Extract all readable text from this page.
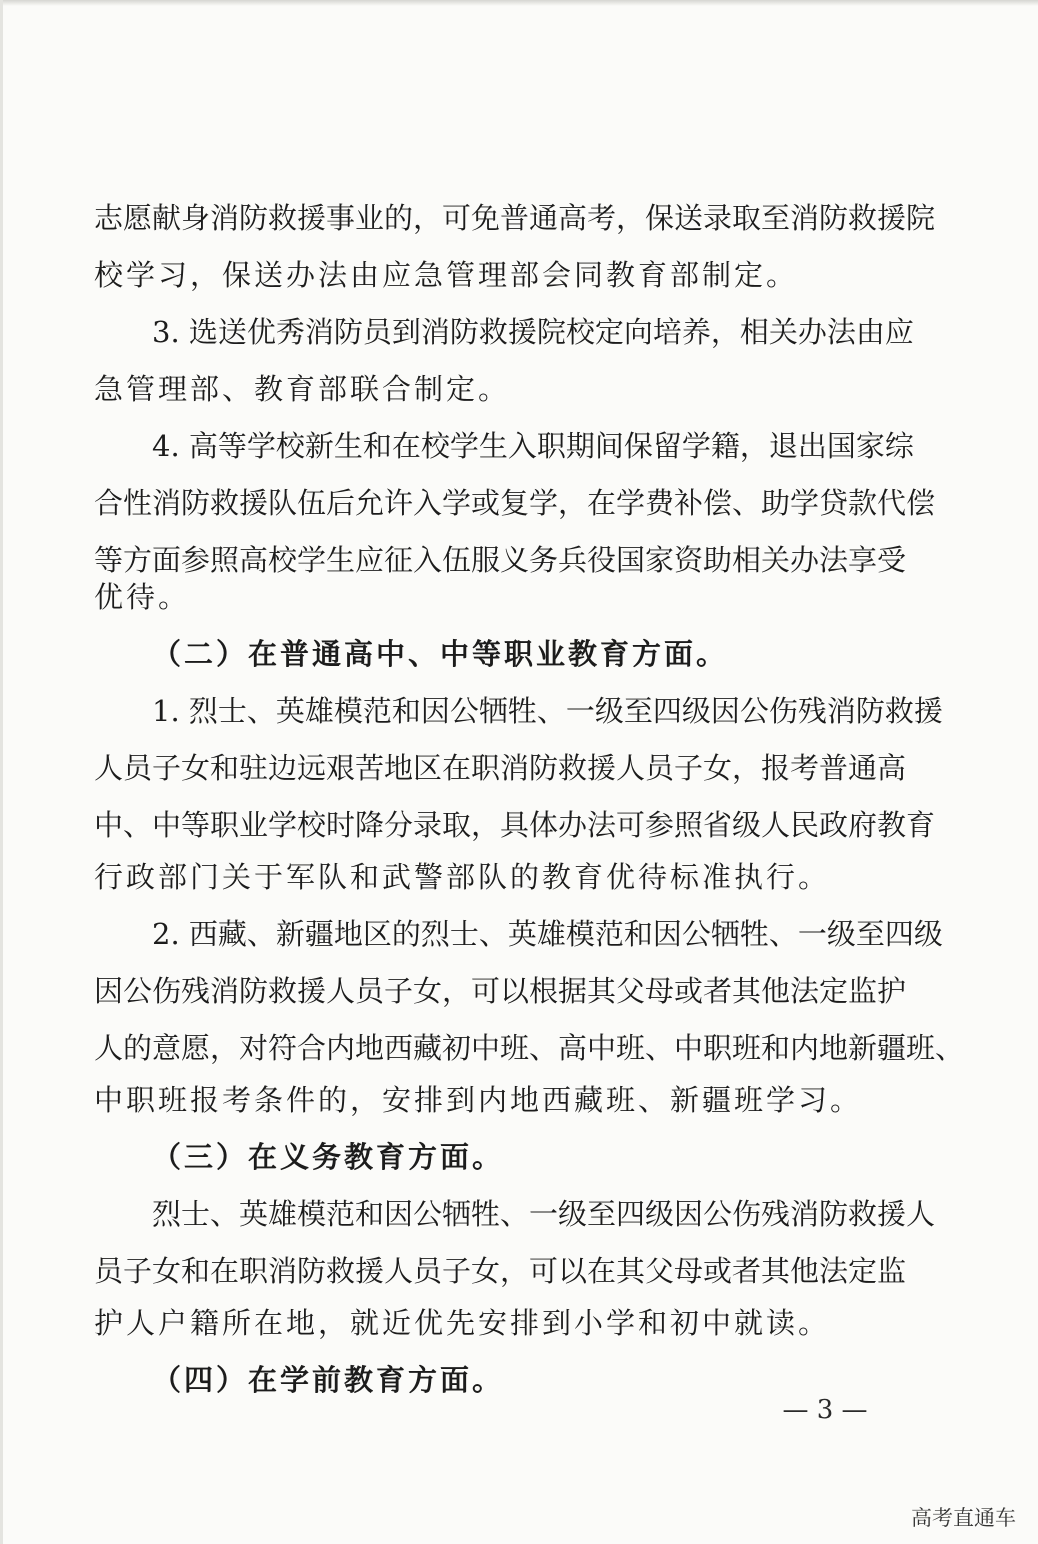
志愿献身消防救援事业的，可免普通高考，保送录取至消防救援院
校学习，保送办法由应急管理部会同教育部制定。
3. 选送优秀消防员到消防救援院校定向培养，相关办法由应
急管理部、教育部联合制定。
4. 高等学校新生和在校学生入职期间保留学籍，退出国家综
合性消防救援队伍后允许入学或复学，在学费补偿、助学贷款代偿
等方面参照高校学生应征入伍服义务兵役国家资助相关办法享受
优待。
（二）在普通高中、中等职业教育方面。
1. 烈士、英雄模范和因公牺牲、一级至四级因公伤残消防救援
人员子女和驻边远艰苦地区在职消防救援人员子女，报考普通高
中、中等职业学校时降分录取，具体办法可参照省级人民政府教育
行政部门关于军队和武警部队的教育优待标准执行。
2. 西藏、新疆地区的烈士、英雄模范和因公牺牲、一级至四级
因公伤残消防救援人员子女，可以根据其父母或者其他法定监护
人的意愿，对符合内地西藏初中班、高中班、中职班和内地新疆班、
中职班报考条件的，安排到内地西藏班、新疆班学习。
（三）在义务教育方面。
烈士、英雄模范和因公牺牲、一级至四级因公伤残消防救援人
员子女和在职消防救援人员子女，可以在其父母或者其他法定监
护人户籍所在地，就近优先安排到小学和初中就读。
（四）在学前教育方面。
— 3 —
高考直通车
